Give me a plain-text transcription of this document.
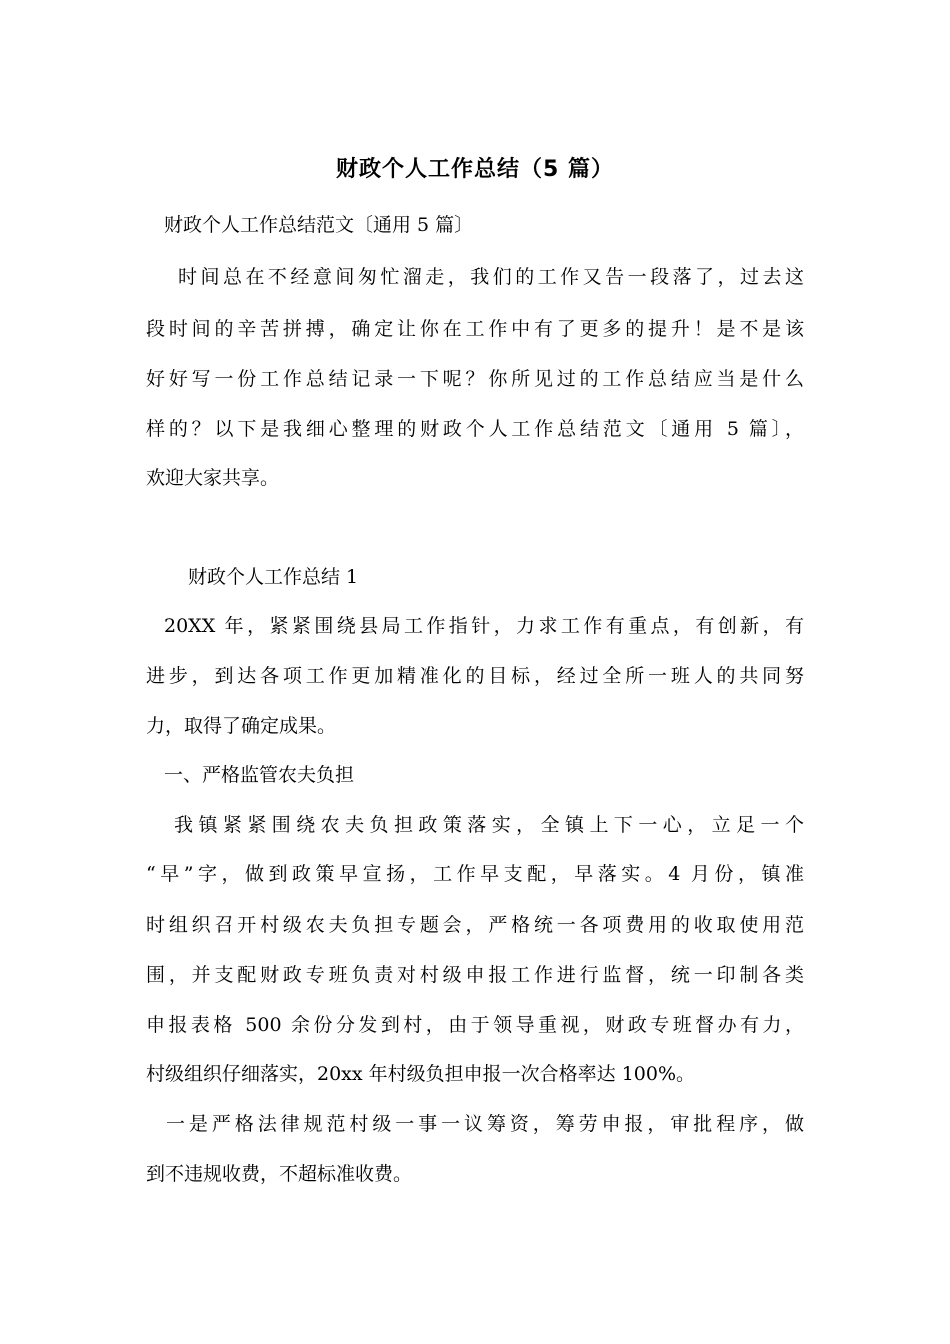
财政个人工作总结（5 篇）
财政个人工作总结范文〔通用 5 篇〕
时间总在不经意间匆忙溜走，我们的工作又告一段落了，过去这
段时间的辛苦拼搏，确定让你在工作中有了更多的提升！是不是该
好好写一份工作总结记录一下呢？你所见过的工作总结应当是什么
样的？以下是我细心整理的财政个人工作总结范文〔通用 5 篇〕，
欢迎大家共享。
财政个人工作总结 1
20XX 年，紧紧围绕县局工作指针，力求工作有重点，有创新，有
进步，到达各项工作更加精准化的目标，经过全所一班人的共同努
力，取得了确定成果。
一、严格监管农夫负担
我镇紧紧围绕农夫负担政策落实，全镇上下一心，立足一个
“早”字，做到政策早宣扬，工作早支配，早落实。4 月份，镇准
时组织召开村级农夫负担专题会，严格统一各项费用的收取使用范
围，并支配财政专班负责对村级申报工作进行监督，统一印制各类
申报表格 500 余份分发到村，由于领导重视，财政专班督办有力，
村级组织仔细落实，20xx 年村级负担申报一次合格率达 100%。
一是严格法律规范村级一事一议筹资，筹劳申报，审批程序，做
到不违规收费，不超标准收费。
